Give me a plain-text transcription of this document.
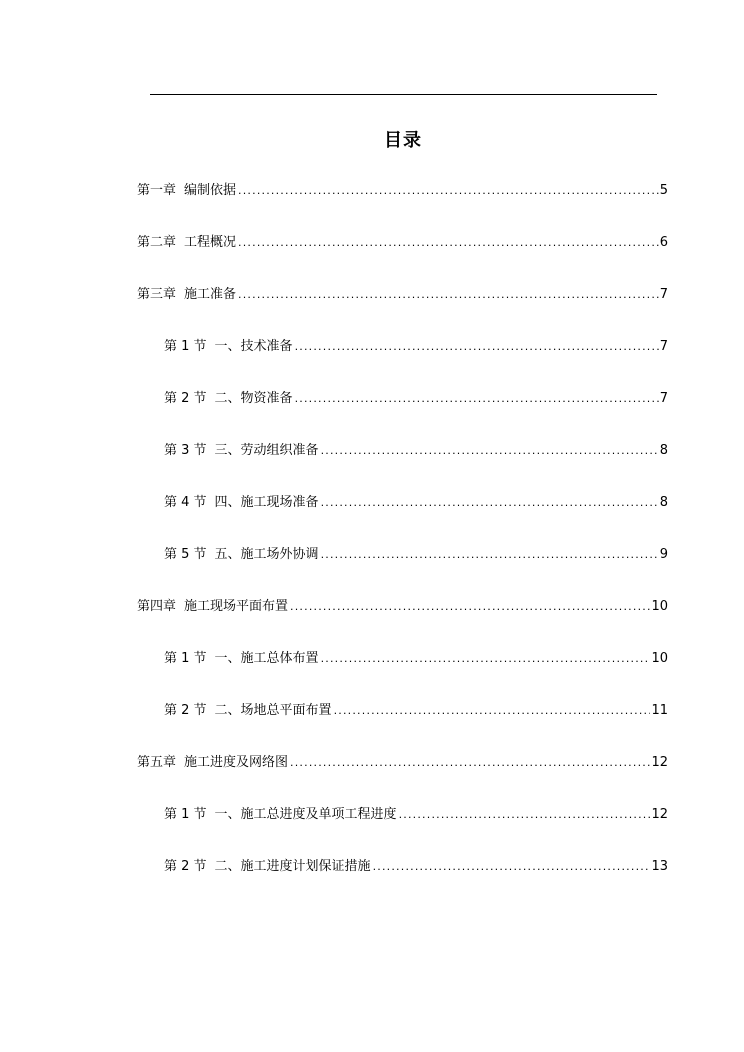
目录
第一章 编制依据 .....	5
第二章 工程概况 .....	6
第三章 施工准备 .....	7
第 1 节 一、技术准备 .....	7
第 2 节 二、物资准备 .....	7
第 3 节 三、劳动组织准备 .....	8
第 4 节 四、施工现场准备 .....	8
第 5 节 五、施工场外协调 .....	9
第四章 施工现场平面布置 .....	10
第 1 节 一、施工总体布置 .....	10
第 2 节 二、场地总平面布置 .....	11
第五章 施工进度及网络图 .....	12
第 1 节 一、施工总进度及单项工程进度 .....	12
第 2 节 二、施工进度计划保证措施 .....	13
